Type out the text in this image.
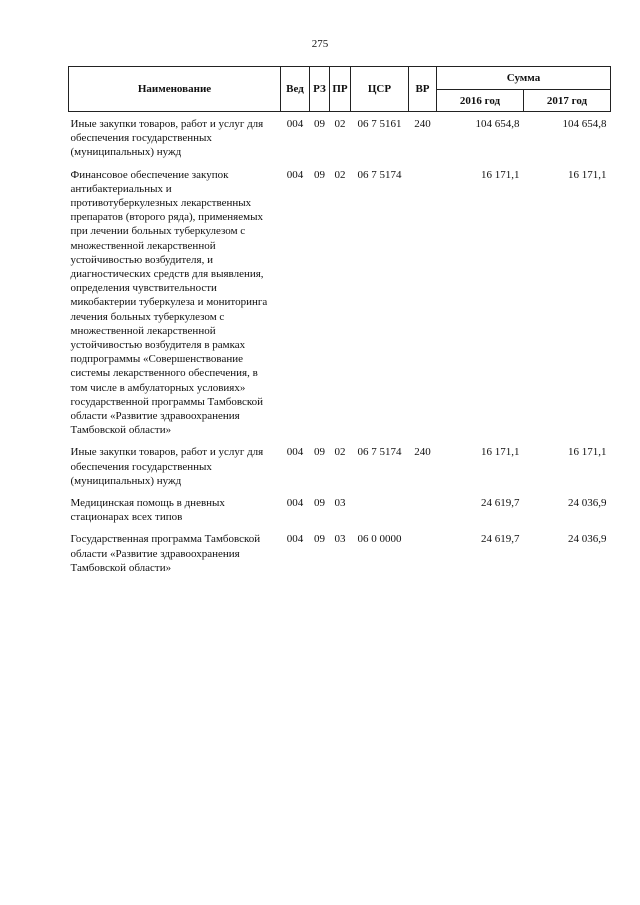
275
Наименование	Вед	РЗ	ПР	ЦСР	ВР	Сумма	
						2016 год	2017 год
Иные закупки товаров, работ и услуг для обеспечения государственных (муниципальных) нужд	004	09	02	06 7 5161	240	104 654,8	104 654,8
Финансовое обеспечение закупок антибактериальных и противотуберкулезных лекарственных препаратов (второго ряда), применяемых при лечении больных туберкулезом с множественной лекарственной устойчивостью возбудителя, и диагностических средств для выявления, определения чувствительности микобактерии туберкулеза и мониторинга лечения больных туберкулезом с множественной лекарственной устойчивостью возбудителя в рамках подпрограммы «Совершенствование системы лекарственного обеспечения, в том числе в амбулаторных условиях» государственной программы Тамбовской области «Развитие здравоохранения Тамбовской области»	004	09	02	06 7 5174		16 171,1	16 171,1
Иные закупки товаров, работ и услуг для обеспечения государственных (муниципальных) нужд	004	09	02	06 7 5174	240	16 171,1	16 171,1
Медицинская помощь в дневных стационарах всех типов	004	09	03			24 619,7	24 036,9
Государственная программа Тамбовской области «Развитие здравоохранения Тамбовской области»	004	09	03	06 0 0000		24 619,7	24 036,9
